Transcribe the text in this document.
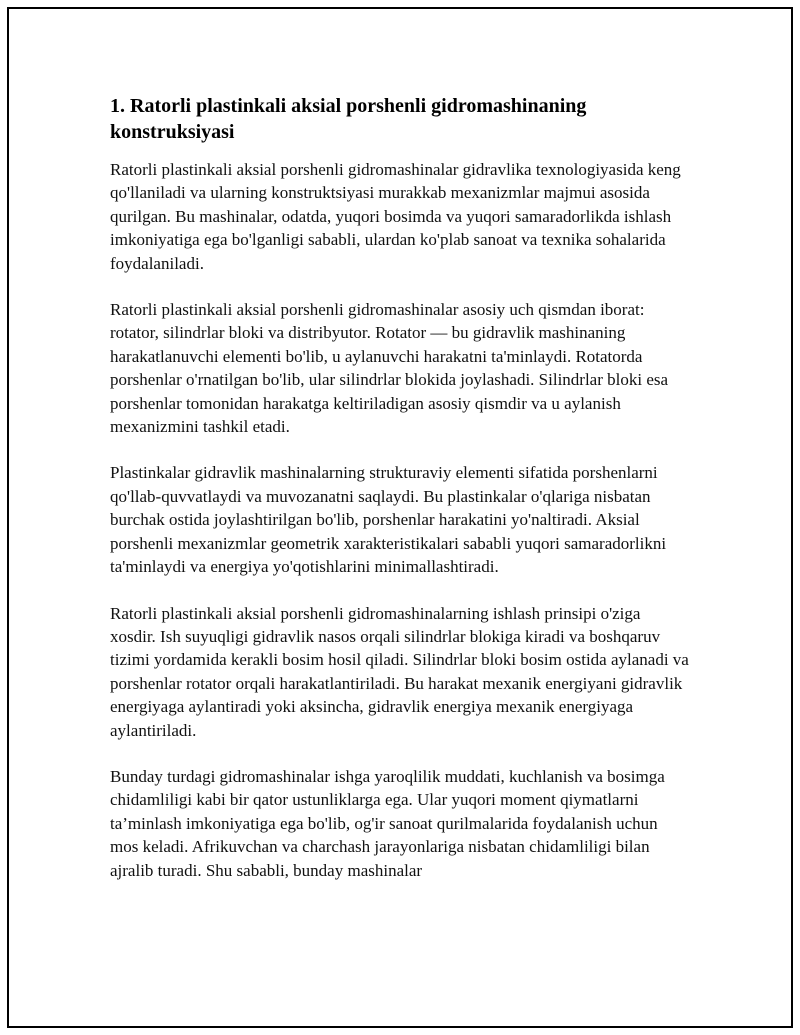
1. Ratorli plastinkali aksial porshenli gidromashinaning konstruksiyasi

Ratorli plastinkali aksial porshenli gidromashinalar gidravlika texnologiyasida keng qo'llaniladi va ularning konstruktsiyasi murakkab mexanizmlar majmui asosida qurilgan. Bu mashinalar, odatda, yuqori bosimda va yuqori samaradorlikda ishlash imkoniyatiga ega bo'lganligi sababli, ulardan ko'plab sanoat va texnika sohalarida foydalaniladi.

Ratorli plastinkali aksial porshenli gidromashinalar asosiy uch qismdan iborat: rotator, silindrlar bloki va distribyutor. Rotator — bu gidravlik mashinaning harakatlanuvchi elementi bo'lib, u aylanuvchi harakatni ta'minlaydi. Rotatorda porshenlar o'rnatilgan bo'lib, ular silindrlar blokida joylashadi. Silindrlar bloki esa porshenlar tomonidan harakatga keltiriladigan asosiy qismdir va u aylanish mexanizmini tashkil etadi.

Plastinkalar gidravlik mashinalarning strukturaviy elementi sifatida porshenlarni qo'llab-quvvatlaydi va muvozanatni saqlaydi. Bu plastinkalar o'qlariga nisbatan burchak ostida joylashtirilgan bo'lib, porshenlar harakatini yo'naltiradi. Aksial porshenli mexanizmlar geometrik xarakteristikalari sababli yuqori samaradorlikni ta'minlaydi va energiya yo'qotishlarini minimallashtiradi.

Ratorli plastinkali aksial porshenli gidromashinalarning ishlash prinsipi o'ziga xosdir. Ish suyuqligi gidravlik nasos orqali silindrlar blokiga kiradi va boshqaruv tizimi yordamida kerakli bosim hosil qiladi. Silindrlar bloki bosim ostida aylanadi va porshenlar rotator orqali harakatlantiriladi. Bu harakat mexanik energiyani gidravlik energiyaga aylantiradi yoki aksincha, gidravlik energiya mexanik energiyaga aylantiriladi.

Bunday turdagi gidromashinalar ishga yaroqlilik muddati, kuchlanish va bosimga chidamliligi kabi bir qator ustunliklarga ega. Ular yuqori moment qiymatlarni ta’minlash imkoniyatiga ega bo'lib, og'ir sanoat qurilmalarida foydalanish uchun mos keladi. Afrikuvchan va charchash jarayonlariga nisbatan chidamliligi bilan ajralib turadi. Shu sababli, bunday mashinalar
